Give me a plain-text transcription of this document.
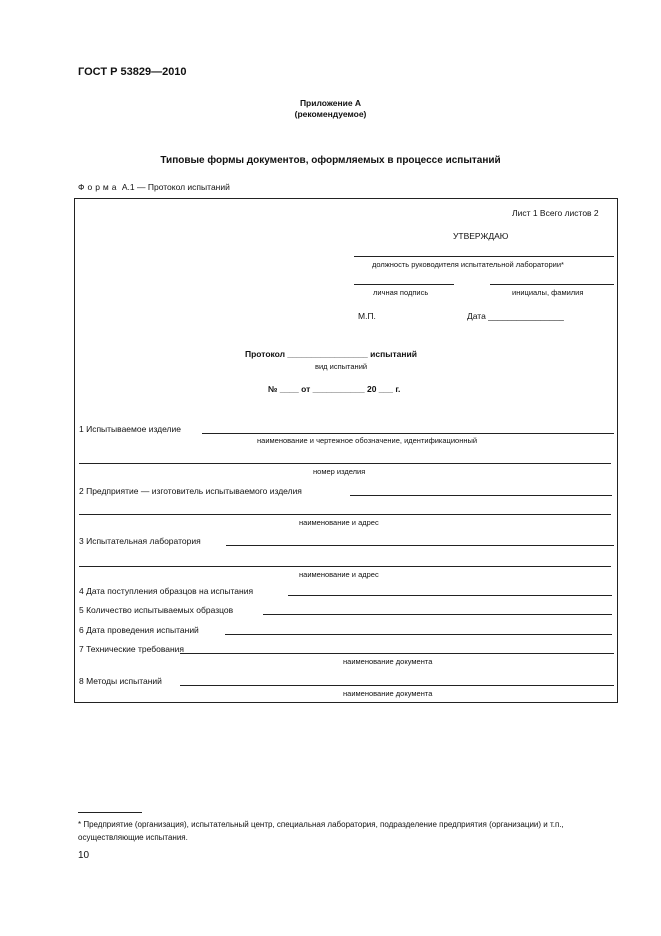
ГОСТ Р 53829—2010
Приложение А
(рекомендуемое)
Типовые формы документов, оформляемых в процессе испытаний
Форма А.1 — Протокол испытаний
Лист 1 Всего листов 2
УТВЕРЖДАЮ
должность руководителя испытательной лаборатории*
личная подпись	инициалы, фамилия
М.П.	Дата ________________
Протокол _________________ испытаний
вид испытаний
№ ____ от ___________ 20 ___ г.
1 Испытываемое изделие
наименование и чертежное обозначение, идентификационный
номер изделия
2 Предприятие — изготовитель испытываемого изделия
наименование и адрес
3 Испытательная лаборатория
наименование и адрес
4 Дата поступления образцов на испытания
5 Количество испытываемых образцов
6 Дата проведения испытаний
7 Технические требования
наименование документа
8 Методы испытаний
наименование документа
* Предприятие (организация), испытательный центр, специальная лаборатория, подразделение предприятия (организации) и т.п., осуществляющие испытания.
10
